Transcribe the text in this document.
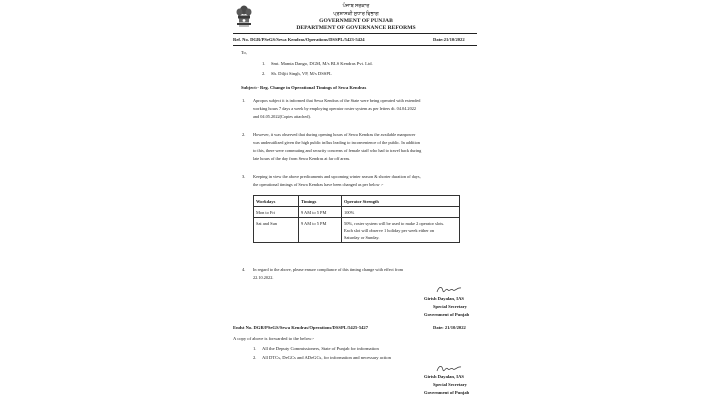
ਪੰਜਾਬ ਸਰਕਾਰ
ਪ੍ਰਸ਼ਾਸਕੀ ਸੁਧਾਰ ਵਿਭਾਗ
GOVERNMENT OF PUNJAB
DEPARTMENT OF GOVERNANCE REFORMS
Ref. No. DGR/PSeGS/Sewa Kendras/Operations/DSSPL/5423-5424	Date:21/10/2022
To,
1. Smt. Mamta Dango, DGM, M/s BLS Kendras Pvt. Ltd.
2. Sh. Diljit Singh, VP, M/s DSSPL
Subject:- Reg. Change in Operational Timings of Sewa Kendras
1. Apropos subject it is informed that Sewa Kendras of the State were being operated with extended
working hours 7 days a week by employing operator roster system as per letters dt. 04.04.2022
and 04.05.2022(Copies attached).
2. However, it was observed that during opening hours of Sewa Kendras the available manpower
was underutilized given the high public influx leading to inconvenience of the public. In addition
to this, there were commuting and security concerns of female staff who had to travel back during
late hours of the day from Sewa Kendras at far off areas.
3. Keeping in view the above predicaments and upcoming winter season & shorter duration of days,
the operational timings of Sewa Kendras have been changed as per below :-
Workdays	Timings	Operator Strength
Mon to Fri	9 AM to 5 PM	100%

Sat and Sun	9 AM to 5 PM	50%, roster system will be used to make 2 operator slots.
Each slot will observe 1 holiday per week either on
Saturday or Sunday.
4. In regard to the above, please ensure compliance of this timing change with effect from
22.10.2022.
Girish Dayalan, IAS
Special Secretary
Government of Punjab
Endst No. DGR/PSeGS/Sewa Kendras/Operations/DSSPL/5425-5427	Date: 21/10/2022
A copy of above is forwarded to the below:-
1. All the Deputy Commissioners, State of Punjab for information
2. All DTCs, DeGCs and ADeGCs, for information and necessary action
Girish Dayalan, IAS
Special Secretary
Government of Punjab
